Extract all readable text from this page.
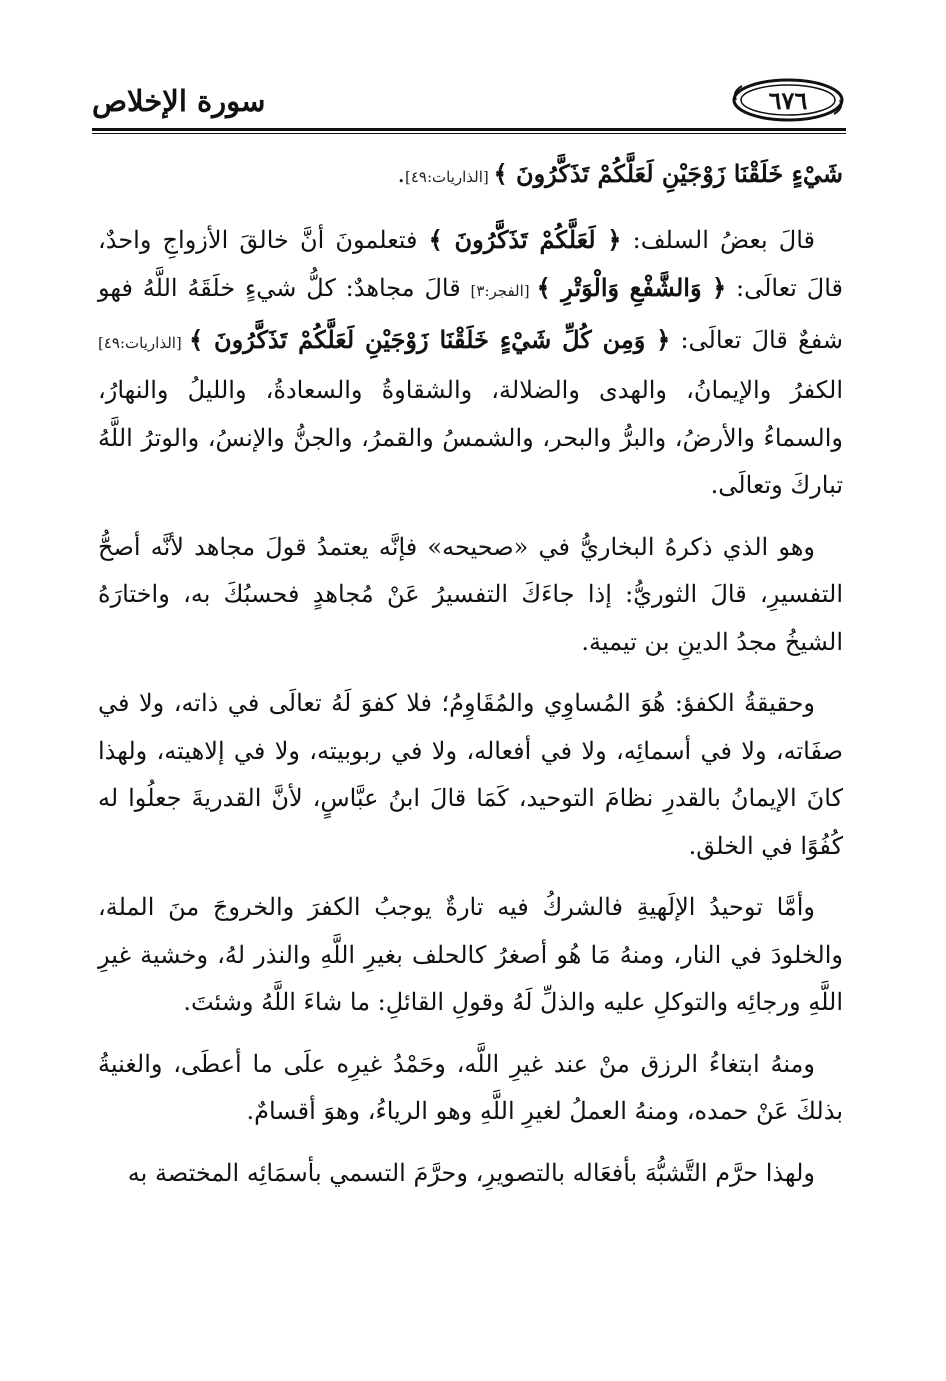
٦٧٦
سورة الإخلاص

شَيْءٍ خَلَقْنَا زَوْجَيْنِ لَعَلَّكُمْ تَذَكَّرُونَ ﴾ [الذاريات:٤٩].

قالَ بعضُ السلف: ﴿ لَعَلَّكُمْ تَذَكَّرُونَ ﴾ فتعلمونَ أنَّ خالقَ الأزواجِ واحدٌ، قالَ تعالَى: ﴿ وَالشَّفْعِ وَالْوَتْرِ ﴾ [الفجر:٣] قالَ مجاهدٌ: كلُّ شيءٍ خلَقَهُ اللَّهُ فهو شفعٌ قالَ تعالَى: ﴿ وَمِن كُلِّ شَيْءٍ خَلَقْنَا زَوْجَيْنِ لَعَلَّكُمْ تَذَكَّرُونَ ﴾ [الذاريات:٤٩] الكفرُ والإيمانُ، والهدى والضلالة، والشقاوةُ والسعادةُ، والليلُ والنهارُ، والسماءُ والأرضُ، والبرُّ والبحر، والشمسُ والقمرُ، والجنُّ والإنسُ، والوترُ اللَّهُ تباركَ وتعالَى.

وهو الذي ذكرهُ البخاريُّ في «صحيحه» فإنَّه يعتمدُ قولَ مجاهد لأنَّه أصحُّ التفسيرِ، قالَ الثوريُّ: إذا جاءَكَ التفسيرُ عَنْ مُجاهدٍ فحسبُكَ به، واختارَهُ الشيخُ مجدُ الدينِ بن تيمية.

وحقيقةُ الكفؤ: هُوَ المُساوِي والمُقَاوِمُ؛ فلا كفوَ لَهُ تعالَى في ذاته، ولا في صفَاته، ولا في أسمائِه، ولا في أفعاله، ولا في ربوبيته، ولا في إلاهيته، ولهذا كانَ الإيمانُ بالقدرِ نظامَ التوحيد، كَمَا قالَ ابنُ عبَّاسٍ، لأنَّ القدريةَ جعلُوا له كُفُوًا في الخلق.

وأمَّا توحيدُ الإلَهيةِ فالشركُ فيه تارةٌ يوجبُ الكفرَ والخروجَ منَ الملة، والخلودَ في النار، ومنهُ مَا هُو أصغرُ كالحلف بغيرِ اللَّهِ والنذر لهُ، وخشية غيرِ اللَّهِ ورجائِه والتوكلِ عليه والذلِّ لَهُ وقولِ القائلِ: ما شاءَ اللَّهُ وشئتَ.

ومنهُ ابتغاءُ الرزق منْ عند غيرِ اللَّه، وحَمْدُ غيرِه علَى ما أعطَى، والغنيةُ بذلكَ عَنْ حمده، ومنهُ العملُ لغيرِ اللَّهِ وهو الرياءُ، وهوَ أقسامٌ.

ولهذا حرَّم التَّشبُّهَ بأفعَاله بالتصويرِ، وحرَّمَ التسمي بأسمَائِه المختصة به
